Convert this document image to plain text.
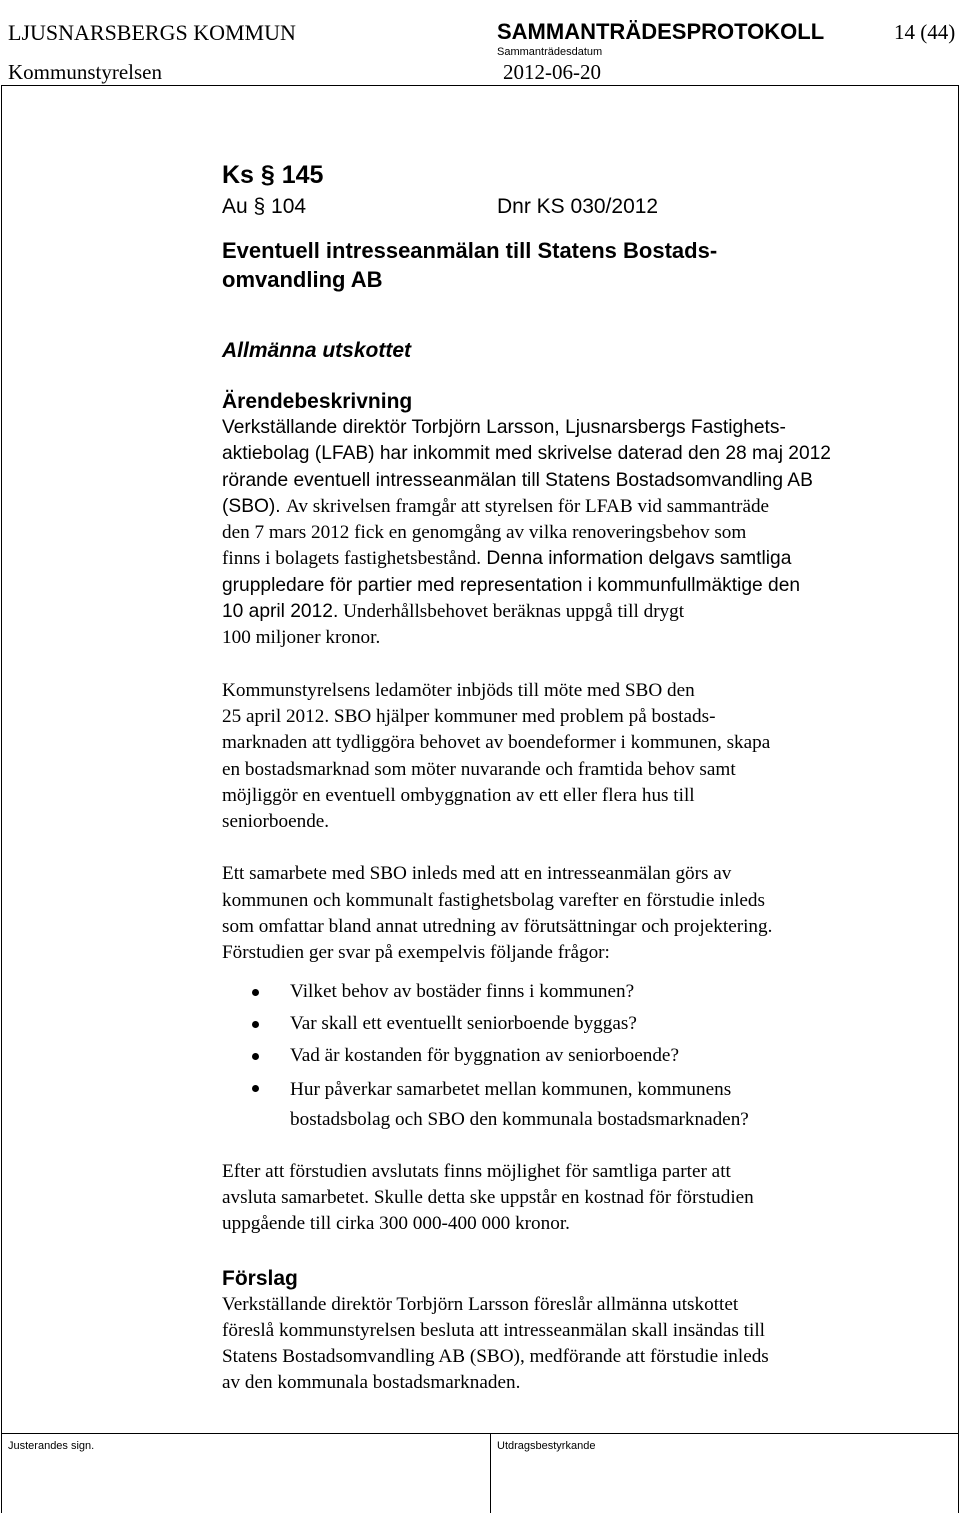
LJUSNARSBERGS KOMMUN	SAMMANTRÄDESPROTOKOLL	14 (44)
Sammanträdesdatum
Kommunstyrelsen	2012-06-20
Ks § 145
Au § 104	Dnr KS 030/2012
Eventuell intresseanmälan till Statens Bostads-
omvandling AB
Allmänna utskottet
Ärendebeskrivning

Verkställande direktör Torbjörn Larsson, Ljusnarsbergs Fastighets-
aktiebolag (LFAB) har inkommit med skrivelse daterad den 28 maj 2012
rörande eventuell intresseanmälan till Statens Bostadsomvandling AB
(SBO). Av skrivelsen framgår att styrelsen för LFAB vid sammanträde
den 7 mars 2012 fick en genomgång av vilka renoveringsbehov som
finns i bolagets fastighetsbestånd. Denna information delgavs samtliga
gruppledare för partier med representation i kommunfullmäktige den
10 april 2012. Underhållsbehovet beräknas uppgå till drygt
100 miljoner kronor.

Kommunstyrelsens ledamöter inbjöds till möte med SBO den
25 april 2012. SBO hjälper kommuner med problem på bostads-
marknaden att tydliggöra behovet av boendeformer i kommunen, skapa
en bostadsmarknad som möter nuvarande och framtida behov samt
möjliggör en eventuell ombyggnation av ett eller flera hus till
seniorboende.

Ett samarbete med SBO inleds med att en intresseanmälan görs av
kommunen och kommunalt fastighetsbolag varefter en förstudie inleds
som omfattar bland annat utredning av förutsättningar och projektering.
Förstudien ger svar på exempelvis följande frågor:

Vilket behov av bostäder finns i kommunen?
Var skall ett eventuellt seniorboende byggas?
Vad är kostanden för byggnation av seniorboende?
Hur påverkar samarbetet mellan kommunen, kommunens
bostadsbolag och SBO den kommunala bostadsmarknaden?

Efter att förstudien avslutats finns möjlighet för samtliga parter att
avsluta samarbetet. Skulle detta ske uppstår en kostnad för förstudien
uppgående till cirka 300 000-400 000 kronor.

Förslag

Verkställande direktör Torbjörn Larsson föreslår allmänna utskottet
föreslå kommunstyrelsen besluta att intresseanmälan skall insändas till
Statens Bostadsomvandling AB (SBO), medförande att förstudie inleds
av den kommunala bostadsmarknaden.

Justerandes sign.	Utdragsbestyrkande
